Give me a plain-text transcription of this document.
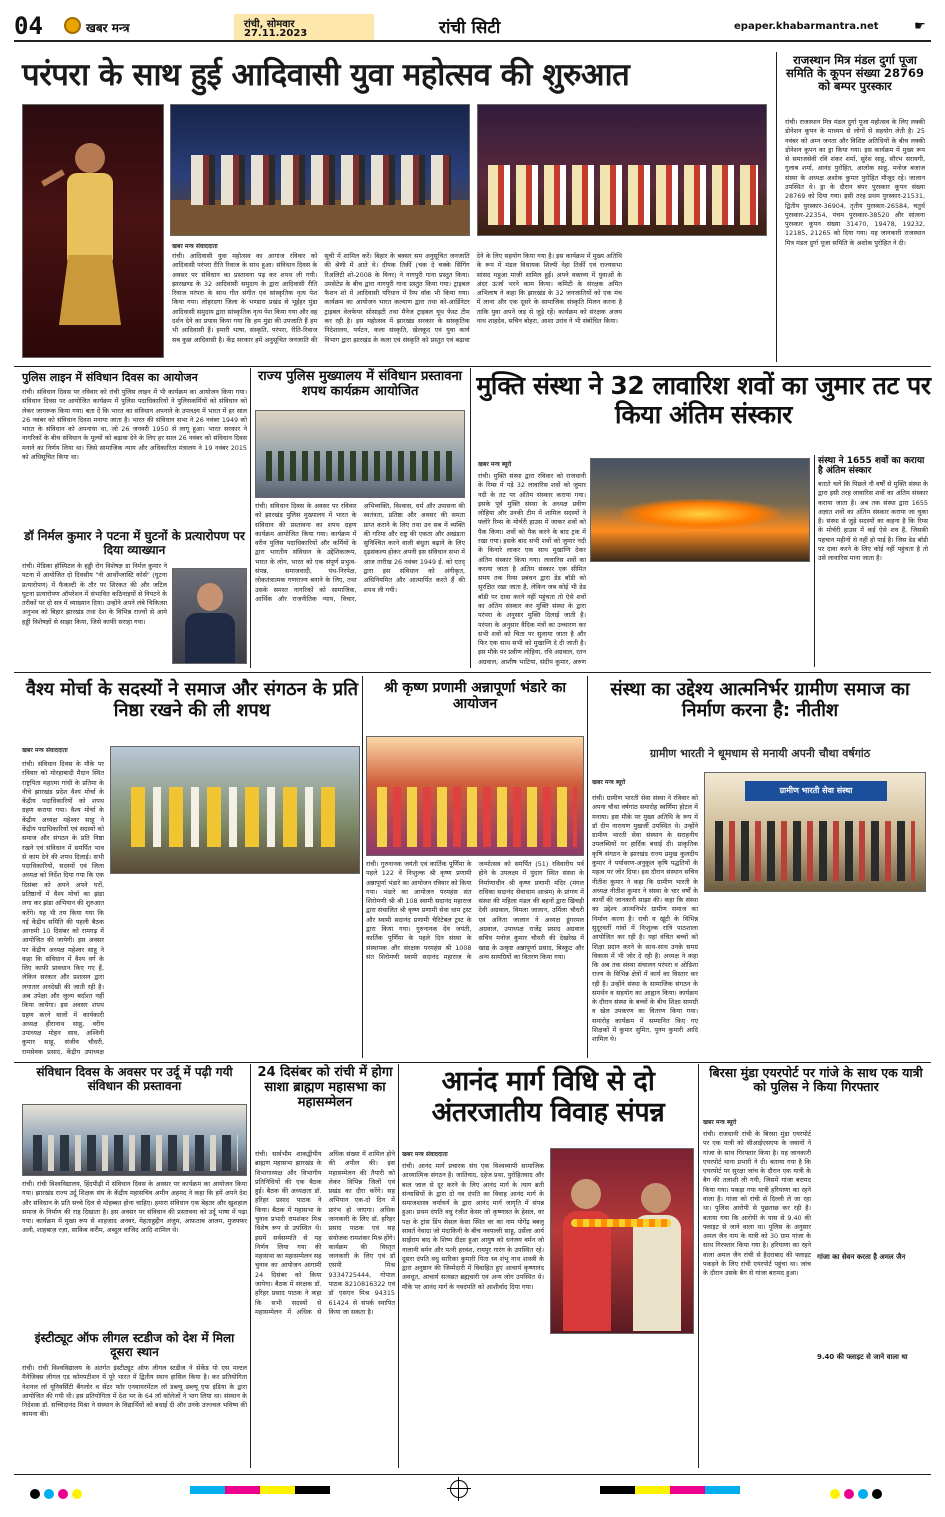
04	खबर मन्त्र	रांची, सोमवार
27.11.2023	रांची सिटी	epaper.khabarmantra.net	☛
परंपरा के साथ हुई आदिवासी युवा महोत्सव की शुरुआत
खबर मन्त्र संवाददाता
रांची। आदिवासी युवा महोत्सव का आगाज रविवार को आदिवासी परंपरा रीति रिवाज के साथ हुआ। संविधान दिवस के अवसर पर संविधान का प्रस्तावना पढ़ कर शपथ ली गयी। झारखण्ड के 32 आदिवासी समुदाय के द्वारा आदिवासी रीति रिवाज परंपरा के साथ गीत संगीत एवं सांस्कृतिक नृत्य पेश किया गया। लोहरदगा जिला के भण्डारा प्रखंड से भूईहर मुंडा आदिवासी समुदाय द्वारा सांस्कृतिक नृत्य पेश किया गया और वह दर्शन देने का प्रयास किया गया कि हम मुंडा की उपजाति हैं हम भी आदिवासी हैं। हमारी भाषा, संस्कृति, परंपरा, रीति-रिवाज सब कुछ आदिवासी है। केंद्र सरकार हमें अनुसूचित जनजाति की सूची में शामिल करें। बिहार के बक्सर सम अनुसूचित जनजाति की श्रेणी में आते थे। दीपक तिर्की (चक दे चक्के सिंगिंग रिअलिटी शो-2008 के विनर) ने नागपुरी गाना प्रस्तुत किया। उमसेटेप्र के बीच द्वारा नागपुरी गाना प्रस्तुत किया गया। ट्राइबल फैशन शो में आदिवासी परिधान में रैम्प वॉक भी किया गया। कार्यक्रम का आयोजन भारत कल्याण द्वारा तथा को-आर्डिनेटर ट्राइबल वेलफेयर सोसाइटी तथा मैनेज ट्राइबल यूथ फेस्ट टीम कर रही है। इस महोत्सव में झारखंड सरकार के सांस्कृतिक निदेशालय, पर्यटन, कला संस्कृति, खेलकूद एवं युवा कार्य विभाग द्वारा झारखंड के कला एवं संस्कृति को प्रस्तुत एवं बढ़ावा देने के लिए सहयोग किया गया है। इस कार्यक्रम में मुख्य अतिथि के रूप में मंडल विधायक शिल्पी नेहा तिर्की एवं राज्यसभा सांसद महुआ माजी शामिल हुईं। अपने वक्तव्य में युवाओं के अंदर ऊर्जा भरने काम किया। कमिटी के संरक्षक अमित अभिलाष ने कहा कि झारखंड के 32 जनजातियों को एक मंच में लाना और एक दूसरे के सामाजिक संस्कृति मिलन करना है ताकि युवा अपने जड़ से जुड़े रहें। कार्यक्रम को संरक्षक अजय नाथ शाहदेव, सचिन बोहरा, आशा उरांव ने भी संबोधित किया।
राजस्थान मित्र मंडल दुर्गा पूजा समिति के कूपन संख्या 28769 को बम्पर पुरस्कार
रांची। राजस्थान मित्र मंडल दुर्गा पूजा महोत्सव के लिए लक्की डोनेशन कूपन के माध्यम से लोगों से सहयोग लेती है। 25 नवंबर को अम्न जनता और विशिष्ट अतिथियों के बीच लक्की डोनेशन कूपन का ड्रा किया गया। इस कार्यक्रम में मुख्य रूप से समाजसेवी रवि शंकर शर्मा, सुरेश साहू, सौरभ सरावगी, गुलाब शर्मा, आनंद पुरोहित, आलोक साहू, मनोज बजाज संस्था के अध्यक्ष अशोक कुमार पुरोहित मौजूद रहे। जालान उपस्थित थे। ड्रा के दौरान बंपर पुरस्कार कूपन संख्या 28769 को दिया गया। इसी तरह प्रथम पुरस्कार-21531, द्वितीय पुरस्कार-36904, तृतीय पुरस्कार-26584, चतुर्थ पुरस्कार-22354, पंचम पुरस्कार-38520 और सांत्वना पुरस्कार कूपन संख्या 31470, 19478, 19232, 12185, 21265 को दिया गया। यह जानकारी राजस्थान मित्र मंडल दुर्गा पूजा समिति के अशोक पुरोहित ने दी।
पुलिस लाइन में संविधान दिवस का आयोजन
रांची। संविधान दिवस पर रविवार को रांची पुलिस लाइन में भी कार्यक्रम का आयोजन किया गया। संविधान दिवस पर आयोजित कार्यक्रम में पुलिस पदाधिकारियों ने पुलिसकर्मियों को संविधान को लेकर जागरूक किया गया। बता दें कि भारत का संविधान अपनाने के उपलक्ष्य में भारत में हर साल 26 नवंबर को संविधान दिवस मनाया जाता है। भारत की संविधान सभा ने 26 नवंबर 1949 को भारत के संविधान को अपनाया था, जो 26 जनवरी 1950 से लागू हुआ। भारत सरकार ने नागरिकों के बीच संविधान के मूल्यों को बढ़ावा देने के लिए हर साल 26 नवंबर को संविधान दिवस मनाने का निर्णय लिया था। जिसे सामाजिक न्याय और अधिकारिता मंत्रालय ने 19 नवंबर 2015 को अधिसूचित किया था।
डॉ निर्मल कुमार ने पटना में घुटनों के प्रत्यारोपण पर दिया व्याख्यान
रांची। मेडिका हॉस्पिटल के हड्डी रोग विशेषज्ञ डा निर्मल कुमार ने पटना में आयोजित दो दिवसीय "नी आर्थोप्लास्टि कोर्स" (घुटना प्रत्यारोपण) में फैकल्टी के तौर पर शिरकत की और जटिल घुटना प्रत्यारोपण ऑपरेशन में संभावित कठिनाइयों से निपटने के तरीकों पर दो सत्र में व्याख्यान दिया। उन्होंने अपने लंबे चिकित्सा अनुभव को बिहार झारखंड तथा देश के विभिन्न राज्यों से आये हड्डी विशेषज्ञों से साझा किया, जिसे काफी सराहा गया।
राज्य पुलिस मुख्यालय में संविधान प्रस्तावना शपथ कार्यक्रम आयोजित
रांची। संविधान दिवस के अवसर पर रविवार को झारखंड पुलिस मुख्यालय में भारत के संविधान की प्रस्तावना का शपथ ग्रहण कार्यक्रम आयोजित किया गया। कार्यक्रम में वरीय पुलिस पदाधिकारियों और कर्मियों के द्वारा भारतीय संविधान के उद्देशिकारूप, भारत के लोग, भारत को एक संपूर्ण प्रभुत्व-संपन्न, समाजवादी, पंथ-निरपेक्ष, लोकतंत्रात्मक गणराज्य बनाने के लिए, तथा उसके समस्त नागरिकों को सामाजिक, आर्थिक और राजनीतिक न्याय, विचार, अभिव्यक्ति, विश्वास, धर्म और उपासना की स्वतंत्रता, प्रतिष्ठा और अवसर की समता प्राप्त कराने के लिए तथा उन सब में व्यक्ति की गरिमा और राष्ट्र की एकता और अखंडता सुनिश्चित करने वाली बंधुता बढ़ाने के लिए दृढ़संकल्प होकर अपनी इस संविधान सभा में आज तारीख 26 नवंबर 1949 ई. को एतद् द्वारा इस संविधान को अंगीकृत, अधिनियमित और आत्मार्पित करते हैं की शपथ ली गयी।
मुक्ति संस्था ने 32 लावारिश शवों का जुमार तट पर किया अंतिम संस्कार
खबर मन्त्र ब्यूरो
रांची। मुक्ति संस्था द्वारा रविवार को राजधानी के रिम्स में पड़े 32 लावारिस शवों को जुमार नदी के तट पर अंतिम संस्कार कराया गया। इसके पूर्व मुक्ति संस्था के अध्यक्ष प्रवीण लोहिया और उनकी टीम में शामिल सदस्यों ने फ्लोरे रिम्स के मोर्चरी हाउस में जाकर शवों को पैक किया। शवों को पैक करने के बाद ट्रक में रखा गया। इसके बाद सभी शवों को जुमार नदी के किनारे लाकर एक साथ मुखाग्नि देकर अंतिम संस्कार किया गया। लावारिस शवों का कराया जाता है अंतिम संस्कार एक सीमित समय तक रिम्स प्रबंधन द्वारा डेड बॉडी को सुरक्षित रखा जाता है, लेकिन जब कोई भी डेड बॉडी पर दावा करने नहीं पहुंचता तो ऐसे शवों का अंतिम संस्कार कर मुक्ति संस्था के द्वारा परंपरा के अनुसार मुक्ति दिलाई जाती है। परंपरा के अनुसार वैदिक मंत्रों का उच्चारण कर सभी शवों को चिता पर सुलाया जाता है और फिर एक साथ सभी को मुखाग्नि दे दी जाती है। इस मौके पर प्रवीण लोहिया, रवि अग्रवाल, रतन अग्रवाल, आशीष भाटिया, संदीप कुमार, अरुण
संस्था ने 1655 शवों का कराया है अंतिम संस्कार
बताते चलें कि पिछले नौ वर्षों से मुक्ति संस्था के द्वारा इसी तरह लावारिस शवों का अंतिम संस्कार कराया जाता है। अब तक संस्था द्वारा 1655 अज्ञात शवों का अंतिम संस्कार कराया जा चुका है। संस्था से जुड़े सदस्यों का कहना है कि रिम्स के मोर्चरी हाउस में कई ऐसे शव हैं, जिसकी पहचान महीनों से नहीं हो पाई है। जिस डेड बॉडी पर दावा करने के लिए कोई नहीं पहुंचता है तो उसे लावारिस माना जाता है।
वैश्य मोर्चा के सदस्यों ने समाज और संगठन के प्रति निष्ठा रखने की ली शपथ
खबर मन्त्र संवाददाता
रांची। संविधान दिवस के मौके पर रविवार को मोरहाबादी मैदान स्थित राष्ट्रपिता महात्मा गांधी के प्रतिमा के नीचे झारखंड प्रदेश वैश्य मोर्चा के केंद्रीय पदाधिकारियों को शपथ ग्रहण कराया गया। वैश्य मोर्चा के केंद्रीय अध्यक्ष महेश्वर साहू ने केंद्रीय पदाधिकारियों एवं सदस्यों को समाज और संगठन के प्रति निष्ठा रखने एवं संविधान में समर्पित भाव से काम देने की शपथ दिलाई। सभी पदाधिकारियों, सदस्यों एवं जिला अध्यक्ष को निर्देश दिया गया कि एक दिसंबर को अपने अपने घरों, प्रतिष्ठानों में वैश्य मोर्चा का झंडा लगा कर झंडा अभियान की शुरुआत करेंगे। यह भी तय किया गया कि नई केंद्रीय समिति की पहली बैठक आगामी 10 दिसंबर को रामगढ़ में आयोजित की जायेगी। इस अवसर पर केंद्रीय अध्यक्ष महेश्वर साहू ने कहा कि संविधान में वैश्य वर्ग के लिए काफी प्रावधान किए गए हैं, लेकिन सरकार और प्रशासन द्वारा लगातार अनदेखी की जाती रही है। अब उपेक्षा और जुल्म बर्दाश्त नहीं किया जायेगा। इस अवसर शपथ ग्रहण करने वालों में कार्यकारी अध्यक्ष हीरानाथ साहू, वरीय उपाध्यक्ष मोहन साव, अश्विनी कुमार साहू, संजीव चौधरी, रामसेवक प्रसाद, केंद्रीय उपाध्यक्ष
श्री कृष्ण प्रणामी अन्नापूर्णा भंडारे का आयोजन
रांची। गुरुनानक जयंती एवं कार्तिक पूर्णिमा के पहले 122 वें निःशुल्क श्री कृष्ण प्रणामी अन्नापूर्णा भंडारे का आयोजन रविवार को किया गया। भंडारे का आयोजन परमहंस संत शिरोमणी श्री श्री 108 स्वामी सदानंद महाराज द्वारा संचालित श्री कृष्ण प्रणामी सेवा धाम ट्रस्ट और स्वामी सदानंद प्रणामी चैरिटेबल ट्रस्ट के द्वारा किया गया। गुरुनानक देव जयंती, कार्तिक पूर्णिमा के पहले दिन संस्था के संस्थापक और संरक्षक परमहंस श्री 1008 संत शिरोमणी स्वामी सदानंद महाराज के जन्मोत्सव को समर्पित (51) रविवारीय पर्व होने के उपलक्ष्य में पुंदाग स्थित संस्था के निर्माणाधीन श्री कृष्ण प्रणामी मंदिर (मंगल राधिका सदानंद सेवाधाम आश्रम) के प्रांगण में संस्था की महिला मंडल की बहनों द्वारा खिचड़ी देवी अग्रवाल, विमला जालान, उर्मिला चौधरी एवं अनिता जालान ने अध्यक्ष डूंगरमल अग्रवाल, उपाध्यक्ष राजेंद्र प्रसाद अग्रवाल सचिव मनोज कुमार चौधरी की देखरेख में खाद्य के उत्कृष्ट अन्नापूर्णा प्रसाद, बिस्कुट और अन्य सामग्रियों का वितरण किया गया।
संस्था का उद्देश्य आत्मनिर्भर ग्रामीण समाज का निर्माण करना है: नीतीश
ग्रामीण भारती ने धूमधाम से मनायी अपनी चौथा वर्षगांठ
खबर मन्त्र ब्यूरो
रांची। ग्रामीण भारती सेवा संस्था ने रविवार को अपना चौथा वर्षगांठ समारोह स्वर्णिमा होटल में मनाया। इस मौके पर मुख्य अतिथि के रूप में डॉ दीप नारायण मुखर्जी उपस्थित थे। उन्होंने ग्रामीण भारती सेवा संस्थान के सराहनीय उपलब्धियों पर हार्दिक बधाई दी। प्राकृतिक कृषि संगठन के झारखंड राज्य प्रमुख कुलदीप कुमार ने पर्यावरण-अनुकूल कृषि पद्धतियों के महत्व पर जोर दिया। इस दौरान संस्थान सचिव नीतीश कुमार ने कहा कि ग्रामीण भारती के अध्यक्ष नीतीश कुमार ने संस्था के चार वर्षों के कार्यों की जानकारी साझा की। कहा कि संस्था का उद्देश्य आत्मनिर्भर ग्रामीण समाज का निर्माण करना है। राची व खूंटी के विभिन्न सुदूरवर्ती गांवों में निःशुल्क रात्रि पाठशाला आयोजित कर रही है। यहां वंचित बच्चों को शिक्षा प्रदान करने के साथ-साथ उनके समग्र विकास में भी जोर दे रही है। अध्यक्ष ने कहा कि अब तक संस्था संचालन परंपरा व ओडिशा राज्य के विभिन्न क्षेत्रों में कार्य का विस्तार कर रही है। उन्होंने संस्था के सामाजिक संगठन के समर्थन व सहयोग का आह्वान किया। कार्यक्रम के दौरान संस्था के बच्चों के बीच शिक्षा सामग्री व खेल उपकरण का वितरण किया गया। समारोह कार्यक्रम में सम्मानित किए गए शिक्षकों में कुमार सुमित, पूनम कुमारी आदि शामिल थे।
ग्रामीण भारती सेवा संस्था
संविधान दिवस के अवसर पर उर्दू में पढ़ी गयी संविधान की प्रस्तावना
रांची। रांची विश्वविद्यालय, हिंदपीढ़ी में संविधान दिवस के अवसर पर कार्यक्रम का आयोजन किया गया। झारखंड राज्य उर्दू शिक्षक संघ के केंद्रीय महासचिव अमीन अहमद ने कहा कि हमें अपने देश और संविधान के प्रति सच्चे दिल से मोहब्बत होना चाहिए। हमारा संविधान एक बेहतर और खुशहाल समाज के निर्माण की राह दिखाता है। इस अवसर पर संविधान की प्रस्तावना को उर्दू भाषा में पढ़ा गया। कार्यक्रम में मुख्य रूप से शाहजाद अनवर, मेहताहुद्दीन अंजुम, आफ़ताब आलम, मुजफ्फर अली, शाहबाज़ रज़ा, साकिब करीम, अब्दुल वाजिद आदि शामिल थे।
इंस्टीट्यूट ऑफ लीगल स्टडीज को देश में मिला दूसरा स्थान
रांची। रांची विश्वविद्यालय के अंतर्गत इंस्टीट्यूट ऑफ लीगल स्टडीज ने सेकेंड यो एस मल्टल मैनेजिक्स लीगल एड कॉमपटीशन में पूरे भारत में द्वितीय स्थान हासिल किया है। कर प्रतियोगिता नेशनल लॉ यूनिवर्सिटी बैंगलोर व सेंटर फॉर एनवायरमेंटल लॉ डब्ल्यू डब्ल्यू एफ इंडिया के द्वारा आयोजित की गयी थी। इस प्रतियोगिता में देश भर के 64 लॉ कॉलेजों ने भाग लिया था। संस्थान के निदेशक डॉ. सच्चिदानंद मिश्रा ने संस्थान के विद्यार्थियों को बधाई दी और उनके उज्ज्वल भविष्य की कामना की।
24 दिसंबर को रांची में होगा साशा ब्राह्मण महासभा का महासम्मेलन
रांची। सार्वभौम शाकद्वीपीय ब्राह्मण महासभा झारखंड के विभागाध्यक्ष और विभागीय प्रतिनिधियों की एक बैठक हुई। बैठक की अध्यक्षता डॉ. हरिहर प्रसाद पाठक ने किया। बैठक में महासभा के चुनाव प्रभारी रामशंकर मिश्र विशेष रूप से उपस्थित थे। इसमें सर्वसम्मति से यह निर्णय लिया गया की महासभा का महासम्मेलन सह चुनाव का आयोजन आगामी 24 दिसंबर को किया जायेगा। बैठक में संरक्षक डॉ. हरिहर प्रसाद पाठक ने कहा कि सभी सदस्यों से महासम्मेलन में अधिक से अधिक संख्या में शामिल होने की अपील की। इस महासम्मेलन की तैयारी को लेकर विभिन्न जिलों एवं प्रखंड का दौरा करेंगे। सह अभियान एक-दो दिन में प्रारंभ हो जाएगा। अधिक जानकारी के लिए डॉ. हरिहर प्रसाद पाठक एवं सह संयोजक रामशंकर मिश्र होंगे। कार्यक्रम की विस्तृत जानकारी के लिए एवं डॉ एसपी मिश्र 9334725444, गोपाल पाठक 8210816322 एवं डॉ एसएन मिश्र 94315 61424 से संपर्क स्थापित किया जा सकता है।
आनंद मार्ग विधि से दो अंतरजातीय विवाह संपन्न
खबर मन्त्र संवाददाता
रांची। आनंद मार्ग प्रचारक संघ एक विश्वव्यापी सामाजिक आध्यात्मिक संगठन है। जातिवाद, दहेज प्रथा, पुरोहितवाद और बाल जाल से दूर करने के लिए आनंद मार्ग के त्याग ब्रती संन्यासियों के द्वारा दो नव दंपति का विवाह आनंद मार्ग के समाजशास्त्र चर्याचर्य के द्वारा आनंद मार्ग जागृति में संपन्न हुआ। प्रथम दंपति वधु रंजीत केसर जो कृष्णास्त के हेसल, वर पक्ष के ट्रांस डिंप सेसल केसा स्थित वर का नाम योगेंद्र बबलू सावर्त नेवादा जो मंदाकिनी के बीच नवपल्ली साहू, उर्सेला आर्य साईंराम बाद के शिष्य दीक्षा हुआ आयुष को धनंजय वर्मन जो नालानी वर्मन और पत्नी हरवंश, रायपुर गारंग के उपस्थित रहे। दूसरा दंपति वधु सारिका कुमारी पिता स्व शंभू नाथ शास्त्री के द्वारा अनुष्ठान की जिम्मेदारी में विवाहित हुए आचार्य कृष्णानंद अवधूत, आचार्य सत्यव्रत ब्रह्मचारी एवं अन्य लोग उपस्थित थे। मौके पर आनंद मार्ग के नवदंपति को आशीर्वाद दिया गया।
बिरसा मुंडा एयरपोर्ट पर गांजे के साथ एक यात्री को पुलिस ने किया गिरफ्तार
खबर मन्त्र ब्यूरो
रांची। राजधानी रांची के बिरसा मुंडा एयरपोर्ट पर एक यात्री को सीआईएसएफ के जवानों ने गांजा के साथ गिरफ्तार किया है। यह जानकारी एयरपोर्ट थाना प्रभारी ने दी। बताया गया है कि एयरपोर्ट पर सुरक्षा जांच के दौरान एक यात्री के बैग की तलाशी ली गयी, जिसमें गांजा बरामद किया गया। पकड़ा गया यात्री हरियाणा का रहने वाला है। गांजा को रांची से दिल्ली ले जा रहा था। पुलिस आरोपी से पूछताछ कर रही है। बताया गया कि आरोपी के पास से 9.40 की फ्लाइट से जाने वाला था। पुलिस के अनुसार अमल जैन नाम के यात्री को 30 ग्राम गांजा के साथ गिरफ्तार किया गया है। हरियाणा का रहने वाला अमल जैन रांची से हैदराबाद की फ्लाइट पकड़ने के लिए रांची एयरपोर्ट पहुंचा था। जांच के दौरान उसके बैग से गांजा बरामद हुआ।
गांजा का सेवन करता है अमल जैन
9.40 की फ्लाइट से जाने वाला था
